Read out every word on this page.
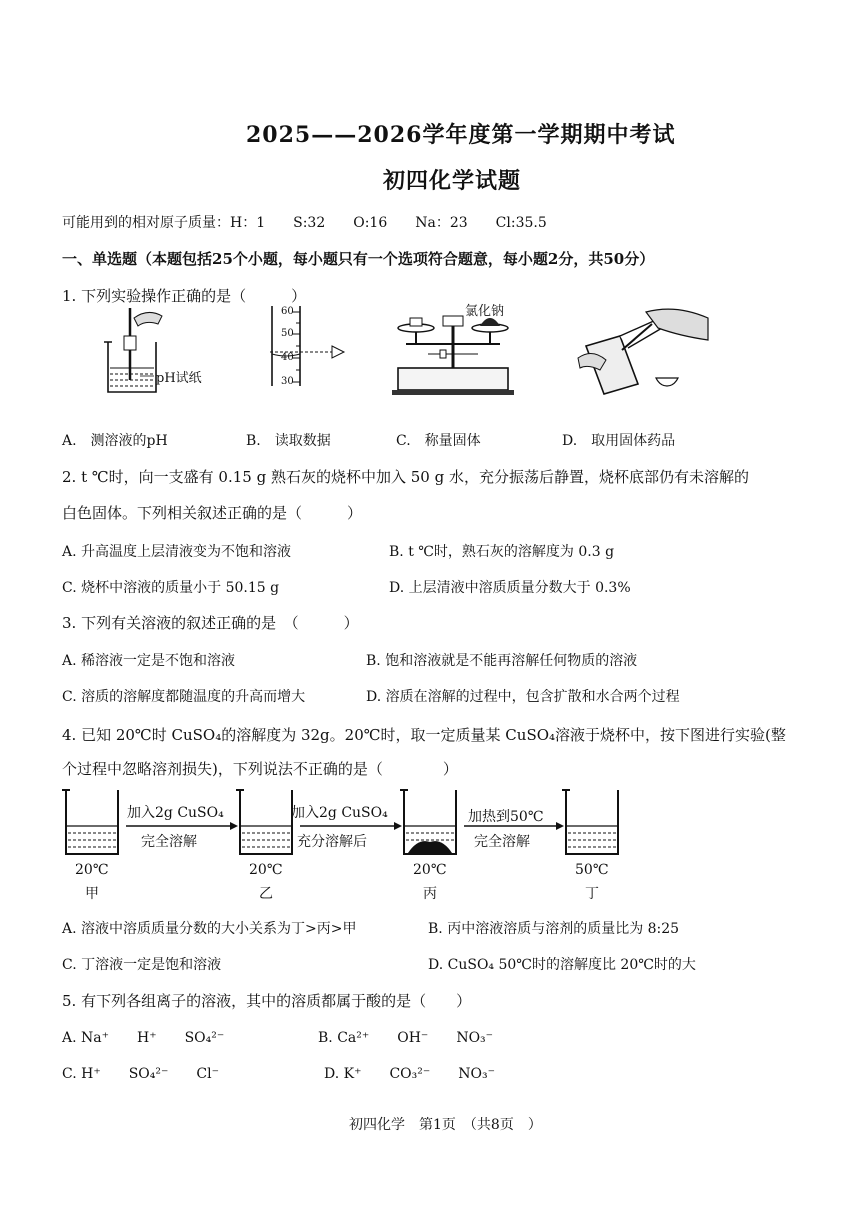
2025——2026学年度第一学期期中考试
初四化学试题
可能用到的相对原子质量：H：1　　S:32　　O:16　　Na：23　　Cl:35.5
一、单选题（本题包括25个小题，每小题只有一个选项符合题意，每小题2分，共50分）
1. 下列实验操作正确的是（　　　）
pH试纸
60
50
40
30
氯化钠
A.　测溶液的pH	B.　读取数据	C.　称量固体	D.　取用固体药品
2. t ℃时，向一支盛有 0.15 g 熟石灰的烧杯中加入 50 g 水，充分振荡后静置，烧杯底部仍有未溶解的
白色固体。下列相关叙述正确的是（　　　）
A. 升高温度上层清液变为不饱和溶液	B. t ℃时，熟石灰的溶解度为 0.3 g
C. 烧杯中溶液的质量小于 50.15 g	D. 上层清液中溶质质量分数大于 0.3%
3. 下列有关溶液的叙述正确的是　（　　　）
A. 稀溶液一定是不饱和溶液	B. 饱和溶液就是不能再溶解任何物质的溶液
C. 溶质的溶解度都随温度的升高而增大	D. 溶质在溶解的过程中，包含扩散和水合两个过程
4. 已知 20℃时 CuSO₄的溶解度为 32g。20℃时，取一定质量某 CuSO₄溶液于烧杯中，按下图进行实验(整
个过程中忽略溶剂损失)，下列说法不正确的是（　　　　）
加入2g CuSO₄
完全溶解
加入2g CuSO₄
充分溶解后
加热到50℃
完全溶解
20℃
甲
20℃
乙
20℃
丙
50℃
丁
A. 溶液中溶质质量分数的大小关系为丁>丙>甲	B. 丙中溶液溶质与溶剂的质量比为 8:25
C. 丁溶液一定是饱和溶液	D. CuSO₄ 50℃时的溶解度比 20℃时的大
5. 有下列各组离子的溶液，其中的溶质都属于酸的是（　　）
A. Na⁺　　H⁺　　SO₄²⁻	B. Ca²⁺　　OH⁻　　NO₃⁻
C. H⁺　　SO₄²⁻　　Cl⁻	D. K⁺　　CO₃²⁻　　NO₃⁻
初四化学　第1页　（共8页　）
